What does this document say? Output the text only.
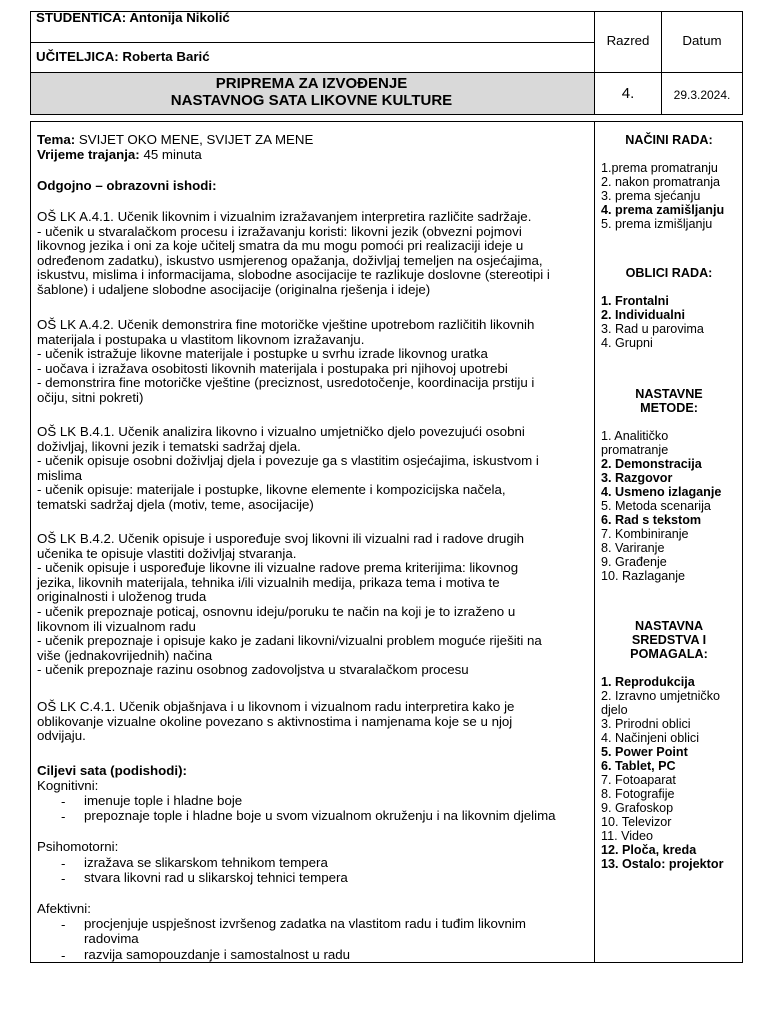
STUDENTICA: Antonija Nikolić
UČITELJICA: Roberta Barić
PRIPREMA ZA IZVOĐENJE
NASTAVNOG SATA LIKOVNE KULTURE
Razred	Datum
4.	29.3.2024.
Tema: SVIJET OKO MENE, SVIJET ZA MENE
Vrijeme trajanja: 45 minuta
Odgojno – obrazovni ishodi:
OŠ LK A.4.1. Učenik likovnim i vizualnim izražavanjem interpretira različite sadržaje.
- učenik u stvaralačkom procesu i izražavanju koristi: likovni jezik (obvezni pojmovi
likovnog jezika i oni za koje učitelj smatra da mu mogu pomoći pri realizaciji ideje u
određenom zadatku), iskustvo usmjerenog opažanja, doživljaj temeljen na osjećajima,
iskustvu, mislima i informacijama, slobodne asocijacije te razlikuje doslovne (stereotipi i
šablone) i udaljene slobodne asocijacije (originalna rješenja i ideje)
OŠ LK A.4.2. Učenik demonstrira fine motoričke vještine upotrebom različitih likovnih
materijala i postupaka u vlastitom likovnom izražavanju.
- učenik istražuje likovne materijale i postupke u svrhu izrade likovnog uratka
- uočava i izražava osobitosti likovnih materijala i postupaka pri njihovoj upotrebi
- demonstrira fine motoričke vještine (preciznost, usredotočenje, koordinacija prstiju i
očiju, sitni pokreti)
OŠ LK B.4.1. Učenik analizira likovno i vizualno umjetničko djelo povezujući osobni
doživljaj, likovni jezik i tematski sadržaj djela.
- učenik opisuje osobni doživljaj djela i povezuje ga s vlastitim osjećajima, iskustvom i
mislima
- učenik opisuje: materijale i postupke, likovne elemente i kompozicijska načela,
tematski sadržaj djela (motiv, teme, asocijacije)
OŠ LK B.4.2. Učenik opisuje i uspoređuje svoj likovni ili vizualni rad i radove drugih
učenika te opisuje vlastiti doživljaj stvaranja.
- učenik opisuje i uspoređuje likovne ili vizualne radove prema kriterijima: likovnog
jezika, likovnih materijala, tehnika i/ili vizualnih medija, prikaza tema i motiva te
originalnosti i uloženog truda
- učenik prepoznaje poticaj, osnovnu ideju/poruku te način na koji je to izraženo u
likovnom ili vizualnom radu
- učenik prepoznaje i opisuje kako je zadani likovni/vizualni problem moguće riješiti na
više (jednakovrijednih) načina
- učenik prepoznaje razinu osobnog zadovoljstva u stvaralačkom procesu
OŠ LK C.4.1. Učenik objašnjava i u likovnom i vizualnom radu interpretira kako je
oblikovanje vizualne okoline povezano s aktivnostima i namjenama koje se u njoj
odvijaju.
Ciljevi sata (podishodi):
Kognitivni:
- imenuje tople i hladne boje
- prepoznaje tople i hladne boje u svom vizualnom okruženju i na likovnim djelima
Psihomotorni:
- izražava se slikarskom tehnikom tempera
- stvara likovni rad u slikarskoj tehnici tempera
Afektivni:
- procjenjuje uspješnost izvršenog zadatka na vlastitom radu i tuđim likovnim
radovima
- razvija samopouzdanje i samostalnost u radu
NAČINI RADA:
1.prema promatranju
2. nakon promatranja
3. prema sjećanju
4. prema zamišljanju
5. prema izmišljanju
OBLICI RADA:
1. Frontalni
2. Individualni
3. Rad u parovima
4. Grupni
NASTAVNE
METODE:
1. Analitičko
promatranje
2. Demonstracija
3. Razgovor
4. Usmeno izlaganje
5. Metoda scenarija
6. Rad s tekstom
7. Kombiniranje
8. Variranje
9. Građenje
10. Razlaganje
NASTAVNA
SREDSTVA I
POMAGALA:
1. Reprodukcija
2. Izravno umjetničko
djelo
3. Prirodni oblici
4. Načinjeni oblici
5. Power Point
6. Tablet, PC
7. Fotoaparat
8. Fotografije
9. Grafoskop
10. Televizor
11. Video
12. Ploča, kreda
13. Ostalo: projektor
